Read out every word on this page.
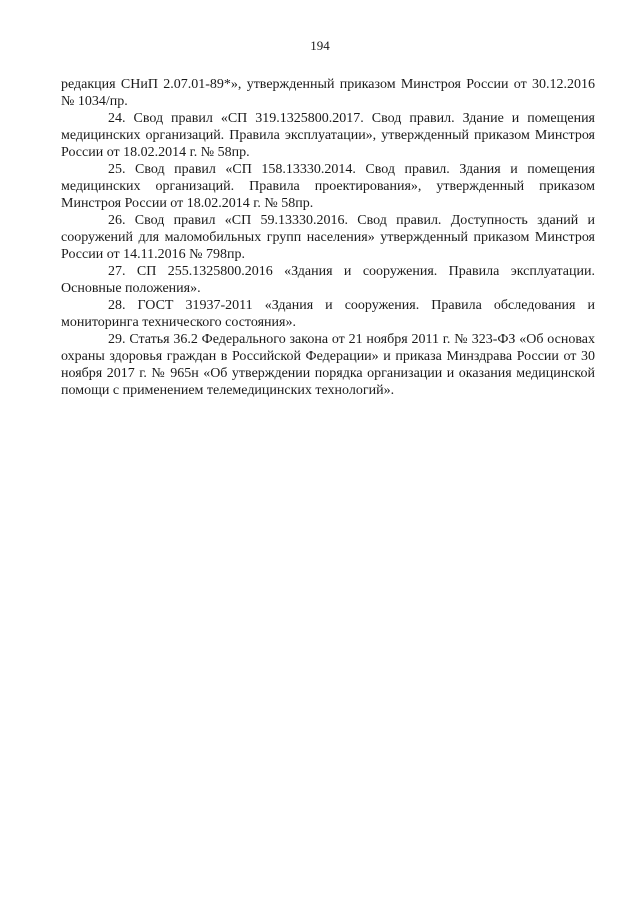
194

редакция СНиП 2.07.01-89*», утвержденный приказом Минстроя России от 30.12.2016 № 1034/пр.

24. Свод правил «СП 319.1325800.2017. Свод правил. Здание и помещения медицинских организаций. Правила эксплуатации», утвержденный приказом Минстроя России от 18.02.2014 г. № 58пр.

25. Свод правил «СП 158.13330.2014. Свод правил. Здания и помещения медицинских организаций. Правила проектирования», утвержденный приказом Минстроя России от 18.02.2014 г. № 58пр.

26. Свод правил «СП 59.13330.2016. Свод правил. Доступность зданий и сооружений для маломобильных групп населения» утвержденный приказом Минстроя России от 14.11.2016 № 798пр.

27. СП 255.1325800.2016 «Здания и сооружения. Правила эксплуатации. Основные положения».

28. ГОСТ 31937-2011 «Здания и сооружения. Правила обследования и мониторинга технического состояния».

29. Статья 36.2 Федерального закона от 21 ноября 2011 г. № 323-ФЗ «Об основах охраны здоровья граждан в Российской Федерации» и приказа Минздрава России от 30 ноября 2017 г. № 965н «Об утверждении порядка организации и оказания медицинской помощи с применением телемедицинских технологий».
